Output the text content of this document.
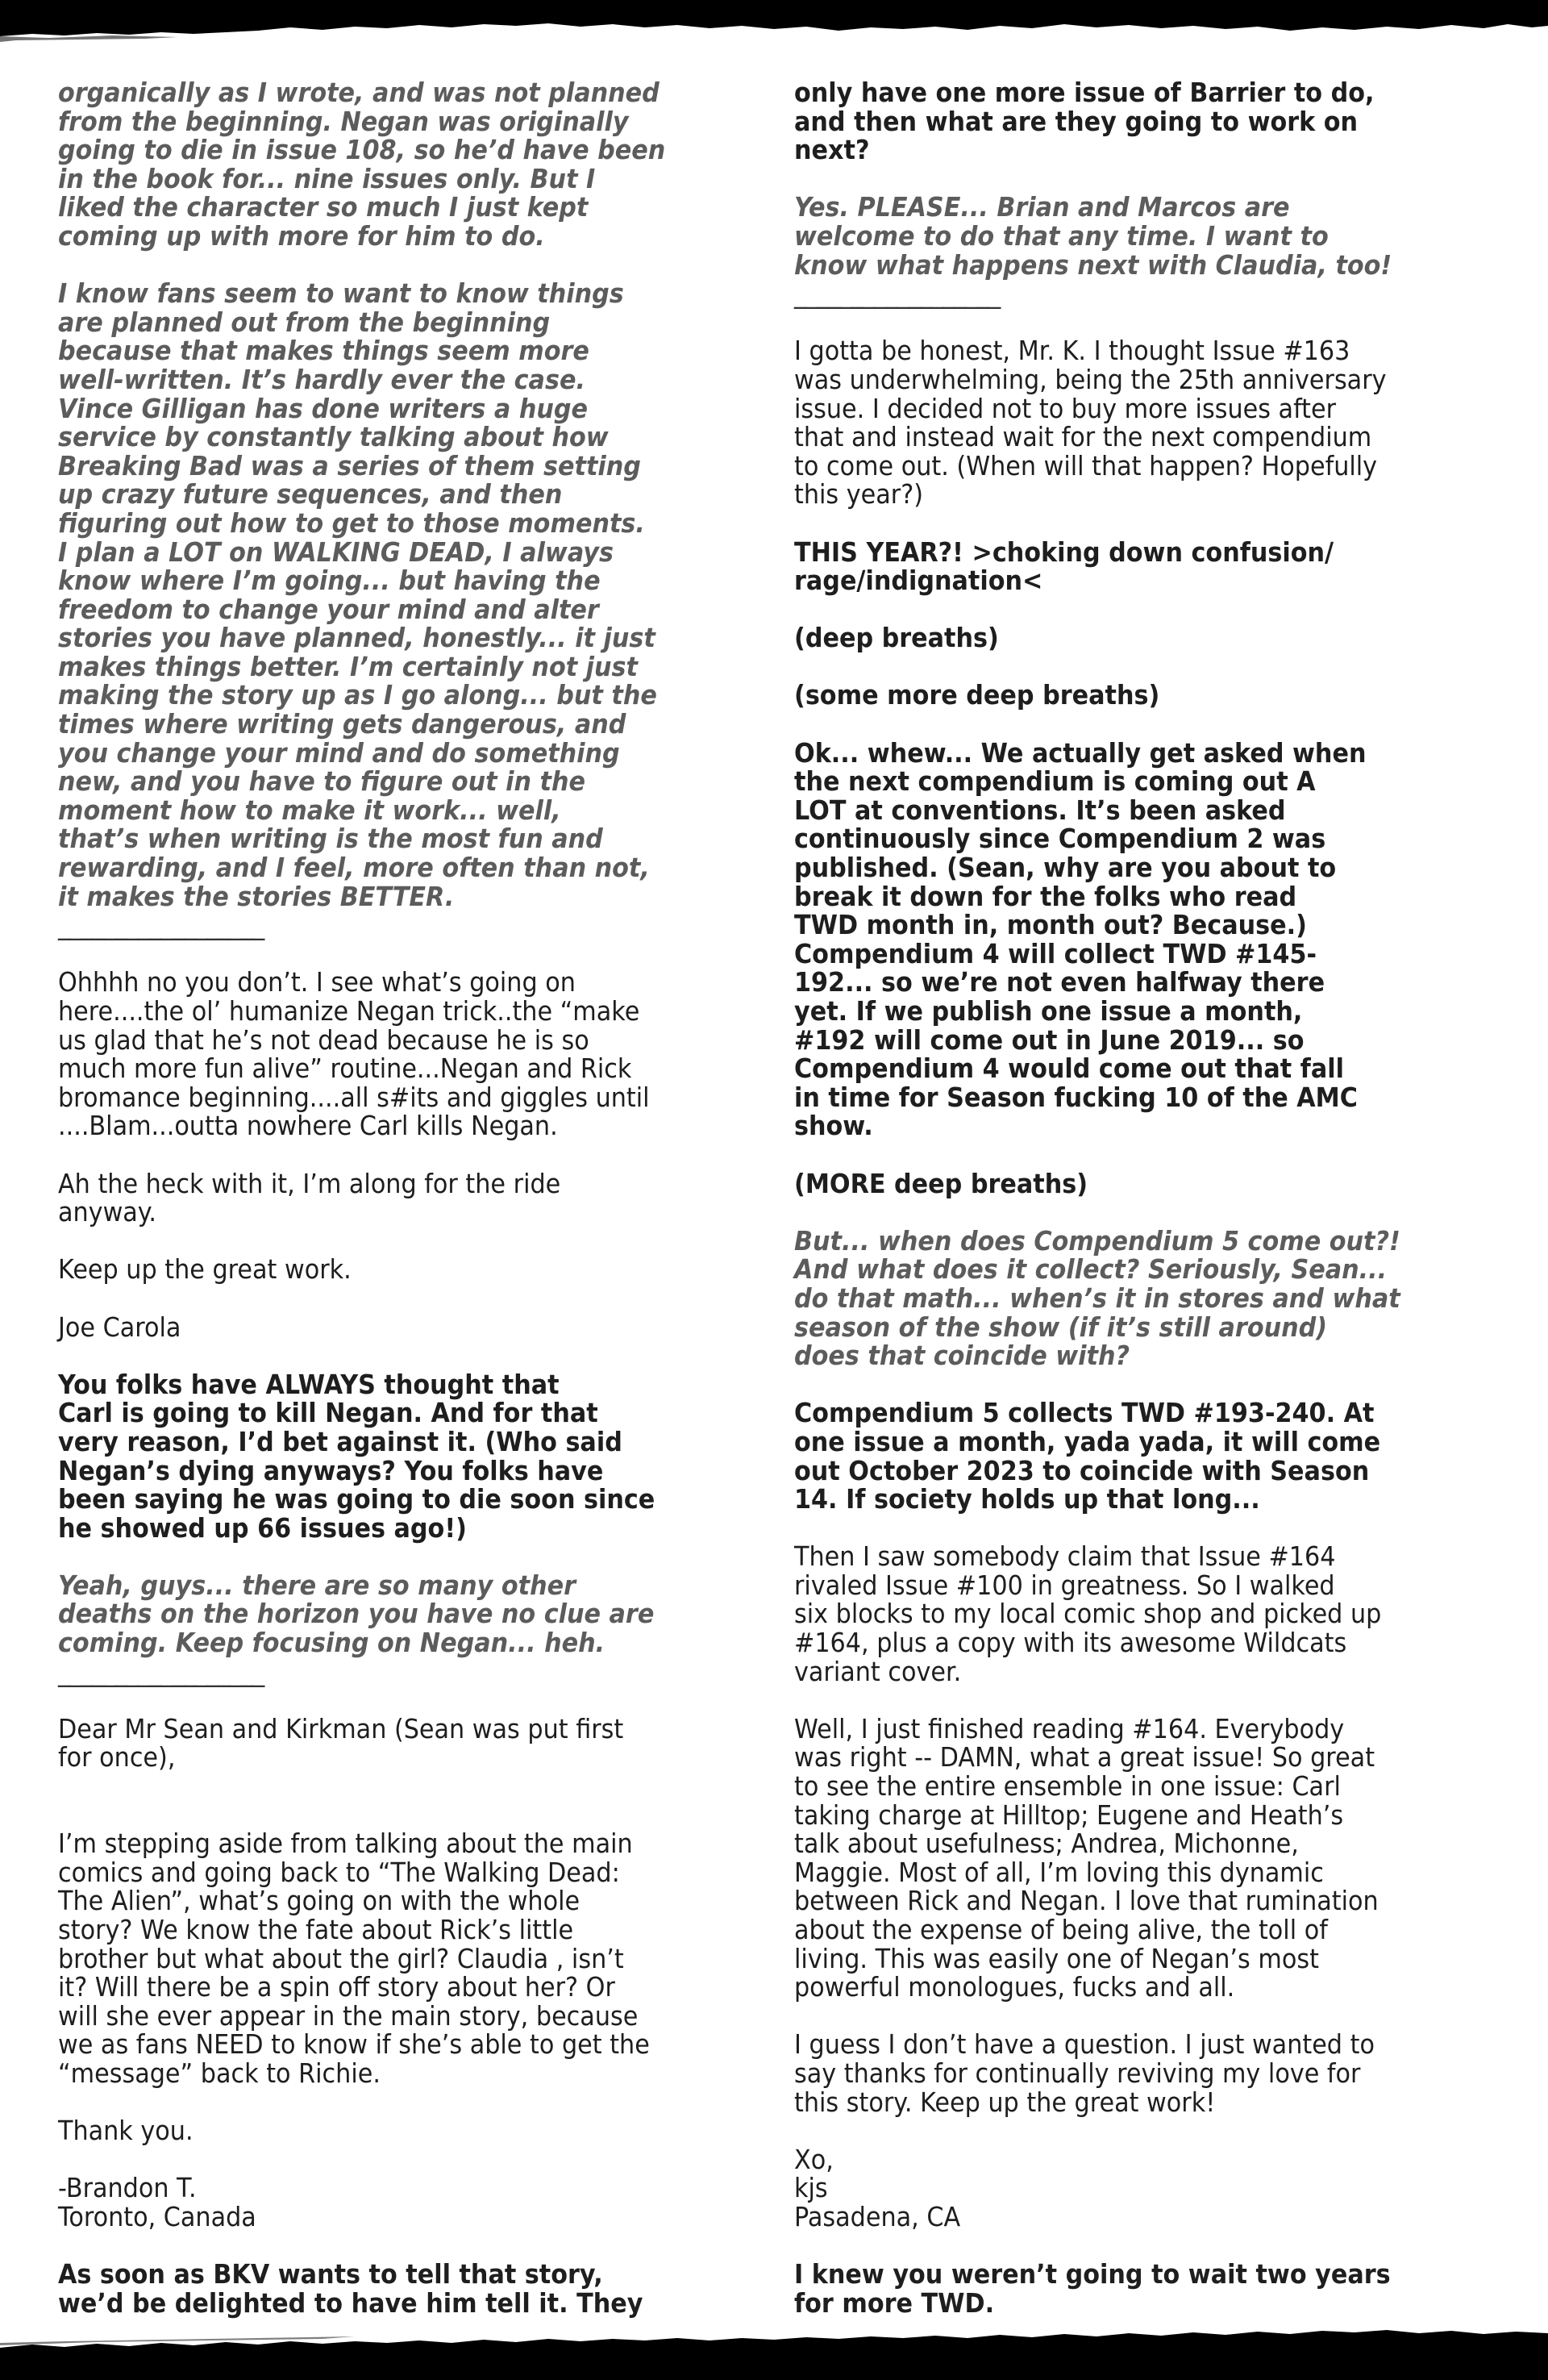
organically as I wrote, and was not planned
from the beginning. Negan was originally
going to die in issue 108, so he’d have been
in the book for... nine issues only. But I
liked the character so much I just kept
coming up with more for him to do.

I know fans seem to want to know things
are planned out from the beginning
because that makes things seem more
well-written. It’s hardly ever the case.
Vince Gilligan has done writers a huge
service by constantly talking about how
Breaking Bad was a series of them setting
up crazy future sequences, and then
figuring out how to get to those moments.
I plan a LOT on WALKING DEAD, I always
know where I’m going... but having the
freedom to change your mind and alter
stories you have planned, honestly... it just
makes things better. I’m certainly not just
making the story up as I go along... but the
times where writing gets dangerous, and
you change your mind and do something
new, and you have to figure out in the
moment how to make it work... well,
that’s when writing is the most fun and
rewarding, and I feel, more often than not,
it makes the stories BETTER.

__________________

Ohhhh no you don’t. I see what’s going on
here....the ol’ humanize Negan trick..the “make
us glad that he’s not dead because he is so
much more fun alive” routine...Negan and Rick
bromance beginning....all s#its and giggles until
....Blam...outta nowhere Carl kills Negan.

Ah the heck with it, I’m along for the ride
anyway.

Keep up the great work.

Joe Carola

You folks have ALWAYS thought that
Carl is going to kill Negan. And for that
very reason, I’d bet against it. (Who said
Negan’s dying anyways? You folks have
been saying he was going to die soon since
he showed up 66 issues ago!)

Yeah, guys... there are so many other
deaths on the horizon you have no clue are
coming. Keep focusing on Negan... heh.

__________________

Dear Mr Sean and Kirkman (Sean was put first
for once),

I’m stepping aside from talking about the main
comics and going back to “The Walking Dead:
The Alien”, what’s going on with the whole
story? We know the fate about Rick’s little
brother but what about the girl? Claudia , isn’t
it? Will there be a spin off story about her? Or
will she ever appear in the main story, because
we as fans NEED to know if she’s able to get the
“message” back to Richie.

Thank you.

-Brandon T.
Toronto, Canada

As soon as BKV wants to tell that story,
we’d be delighted to have him tell it. They

only have one more issue of Barrier to do,
and then what are they going to work on
next?

Yes. PLEASE... Brian and Marcos are
welcome to do that any time. I want to
know what happens next with Claudia, too!

__________________

I gotta be honest, Mr. K. I thought Issue #163
was underwhelming, being the 25th anniversary
issue. I decided not to buy more issues after
that and instead wait for the next compendium
to come out. (When will that happen? Hopefully
this year?)

THIS YEAR?! >choking down confusion/
rage/indignation<

(deep breaths)

(some more deep breaths)

Ok... whew... We actually get asked when
the next compendium is coming out A
LOT at conventions. It’s been asked
continuously since Compendium 2 was
published. (Sean, why are you about to
break it down for the folks who read
TWD month in, month out? Because.)
Compendium 4 will collect TWD #145-
192... so we’re not even halfway there
yet. If we publish one issue a month,
#192 will come out in June 2019... so
Compendium 4 would come out that fall
in time for Season fucking 10 of the AMC
show.

(MORE deep breaths)

But... when does Compendium 5 come out?!
And what does it collect? Seriously, Sean...
do that math... when’s it in stores and what
season of the show (if it’s still around)
does that coincide with?

Compendium 5 collects TWD #193-240. At
one issue a month, yada yada, it will come
out October 2023 to coincide with Season
14. If society holds up that long...

Then I saw somebody claim that Issue #164
rivaled Issue #100 in greatness. So I walked
six blocks to my local comic shop and picked up
#164, plus a copy with its awesome Wildcats
variant cover.

Well, I just finished reading #164. Everybody
was right -- DAMN, what a great issue! So great
to see the entire ensemble in one issue: Carl
taking charge at Hilltop; Eugene and Heath’s
talk about usefulness; Andrea, Michonne,
Maggie. Most of all, I’m loving this dynamic
between Rick and Negan. I love that rumination
about the expense of being alive, the toll of
living. This was easily one of Negan’s most
powerful monologues, fucks and all.

I guess I don’t have a question. I just wanted to
say thanks for continually reviving my love for
this story. Keep up the great work!

Xo,
kjs
Pasadena, CA

I knew you weren’t going to wait two years
for more TWD.
